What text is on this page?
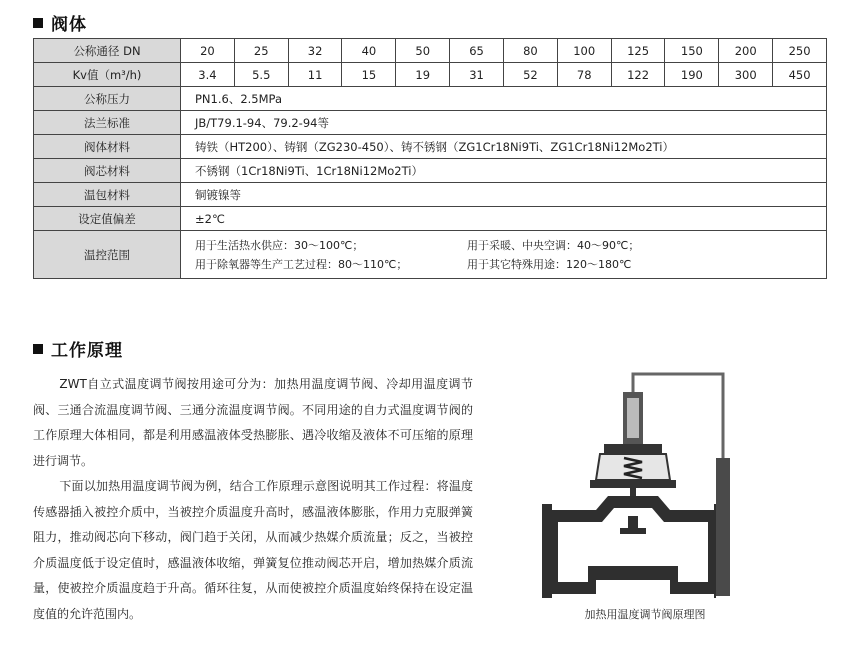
阀体
公称通径 DN	20	25	32	40	50	65	80	100	125	150	200	250
Kv值（m³/h)	3.4	5.5	11	15	19	31	52	78	122	190	300	450
公称压力	PN1.6、2.5MPa											
法兰标准	JB/T79.1-94、79.2-94等											
阀体材料	铸铁（HT200）、铸钢（ZG230-450）、铸不锈钢（ZG1Cr18Ni9Ti、ZG1Cr18Ni12Mo2Ti）											
阀芯材料	不锈钢（1Cr18Ni9Ti、1Cr18Ni12Mo2Ti）											
温包材料	铜镀镍等											
设定值偏差	±2℃											
温控范围	用于生活热水供应：30～100℃； 用于采暖、中央空调：40～90℃；
用于除氧器等生产工艺过程：80～110℃； 用于其它特殊用途：120～180℃											
工作原理

ZWT自立式温度调节阀按用途可分为：加热用温度调节阀、冷却用温度调节阀、三通合流温度调节阀、三通分流温度调节阀。不同用途的自力式温度调节阀的工作原理大体相同，都是利用感温液体受热膨胀、遇冷收缩及液体不可压缩的原理进行调节。

下面以加热用温度调节阀为例，结合工作原理示意图说明其工作过程：将温度传感器插入被控介质中，当被控介质温度升高时，感温液体膨胀，作用力克服弹簧阻力，推动阀芯向下移动，阀门趋于关闭，从而减少热媒介质流量；反之，当被控介质温度低于设定值时，感温液体收缩，弹簧复位推动阀芯开启，增加热媒介质流量，使被控介质温度趋于升高。循环往复，从而使被控介质温度始终保持在设定温度值的允许范围内。	加热用温度调节阀原理图
